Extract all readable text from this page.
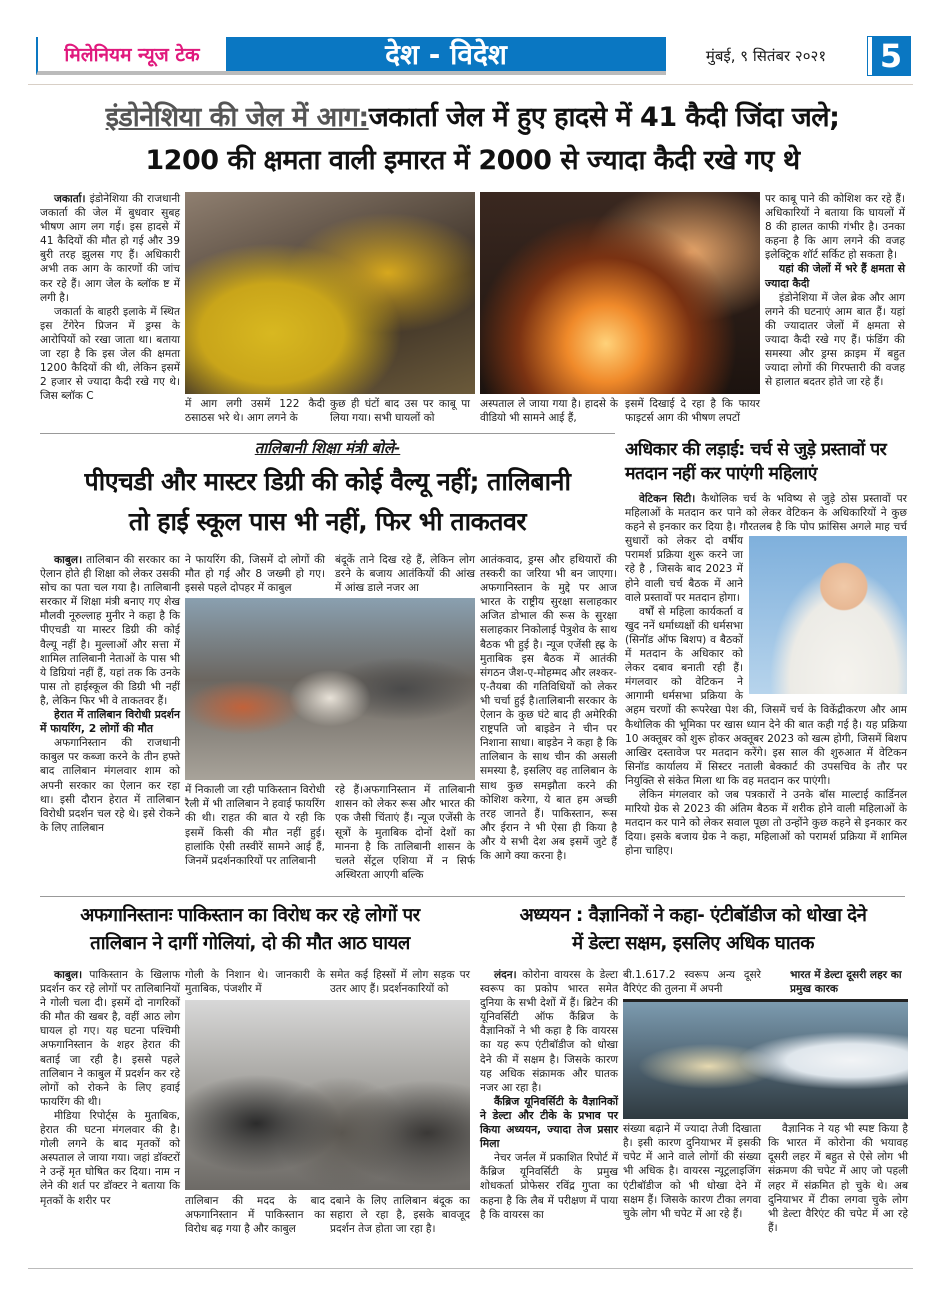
मिलेनियम न्यूज टेक	देश - विदेश	मुंबई, ९ सितंबर २०२१ 5
इंडोनेशिया की जेल में आग:जकार्ता जेल में हुए हादसे में 41 कैदी जिंदा जले;
1200 की क्षमता वाली इमारत में 2000 से ज्यादा कैदी रखे गए थे

जकार्ता। इंडोनेशिया की राजधानी जकार्ता की जेल में बुधवार सुबह भीषण आग लग गई। इस हादसे में 41 कैदियों की मौत हो गई और 39 बुरी तरह झुलस गए हैं। अधिकारी अभी तक आग के कारणों की जांच कर रहे हैं। आग जेल के ब्लॉक ष्ट में लगी है।

जकार्ता के बाहरी इलाके में स्थित इस टेंगेरेन प्रिजन में ड्रग्स के आरोपियों को रखा जाता था। बताया जा रहा है कि इस जेल की क्षमता 1200 कैदियों की थी, लेकिन इसमें 2 हजार से ज्यादा कैदी रखे गए थे। जिस ब्लॉक C

में आग लगी उसमें 122 कैदी ठसाठस भरे थे। आग लगने के
कुछ ही घंटों बाद उस पर काबू पा लिया गया। सभी घायलों को
अस्पताल ले जाया गया है। हादसे के वीडियो भी सामने आई हैं,
इसमें दिखाई दे रहा है कि फायर फाइटर्स आग की भीषण लपटों

पर काबू पाने की कोशिश कर रहे हैं। अधिकारियों ने बताया कि घायलों में 8 की हालत काफी गंभीर है। उनका कहना है कि आग लगने की वजह इलेक्ट्रिक शॉर्ट सर्किट हो सकता है।

यहां की जेलों में भरे हैं क्षमता से ज्यादा कैदी

इंडोनेशिया में जेल ब्रेक और आग लगने की घटनाएं आम बात हैं। यहां की ज्यादातर जेलों में क्षमता से ज्यादा कैदी रखे गए हैं। फंडिंग की समस्या और ड्रग्स क्राइम में बहुत ज्यादा लोगों की गिरफ्तारी की वजह से हालात बदतर होते जा रहे हैं।

तालिबानी शिक्षा मंत्री बोले-
पीएचडी और मास्टर डिग्री की कोई वैल्यू नहीं; तालिबानी
तो हाई स्कूल पास भी नहीं, फिर भी ताकतवर

काबुल। तालिबान की सरकार का ऐलान होते ही शिक्षा को लेकर उसकी सोच का पता चल गया है। तालिबानी सरकार में शिक्षा मंत्री बनाए गए शेख मौलवी नूरुल्लाह मुनीर ने कहा है कि पीएचडी या मास्टर डिग्री की कोई वैल्यू नहीं है। मुल्लाओं और सत्ता में शामिल तालिबानी नेताओं के पास भी ये डिग्रियां नहीं हैं, यहां तक कि उनके पास तो हाईस्कूल की डिग्री भी नहीं है, लेकिन फिर भी वे ताकतवर हैं।

हेरात में तालिबान विरोधी प्रदर्शन में फायरिंग, 2 लोगों की मौत

अफगानिस्तान की राजधानी काबुल पर कब्जा करने के तीन हफ्ते बाद तालिबान मंगलवार शाम को अपनी सरकार का ऐलान कर रहा था। इसी दौरान हेरात में तालिबान विरोधी प्रदर्शन चल रहे थे। इसे रोकने के लिए तालिबान

ने फायरिंग की, जिसमें दो लोगों की मौत हो गई और 8 जख्मी हो गए। इससे पहले दोपहर में काबुल
बंदूकें ताने दिख रहे हैं, लेकिन लोग डरने के बजाय आतंकियों की आंख में आंख डाले नजर आ
में निकाली जा रही पाकिस्तान विरोधी रैली में भी तालिबान ने हवाई फायरिंग की थी। राहत की बात ये रही कि इसमें किसी की मौत नहीं हुई। हालांकि ऐसी तस्वीरें सामने आई हैं, जिनमें प्रदर्शनकारियों पर तालिबानी
रहे हैं।अफगानिस्तान में तालिबानी शासन को लेकर रूस और भारत की एक जैसी चिंताएं हैं। न्यूज एजेंसी के सूत्रों के मुताबिक दोनों देशों का मानना है कि तालिबानी शासन के चलते सेंट्रल एशिया में न सिर्फ अस्थिरता आएगी बल्कि
आतंकवाद, ड्रग्स और हथियारों की तस्करी का जरिया भी बन जाएगा। अफगानिस्तान के मुद्दे पर आज भारत के राष्ट्रीय सुरक्षा सलाहकार अजित डोभाल की रूस के सुरक्षा सलाहकार निकोलाई पेत्रुशेव के साथ बैठक भी हुई है। न्यूज एजेंसी ह्ह्र के मुताबिक इस बैठक में आतंकी संगठन जैश-ए-मोहम्मद और लश्कर-ए-तैयबा की गतिविधियों को लेकर भी चर्चा हुई है।तालिबानी सरकार के ऐलान के कुछ घंटे बाद ही अमेरिकी राष्ट्रपति जो बाइडेन ने चीन पर निशाना साधा। बाइडेन ने कहा है कि तालिबान के साथ चीन की असली समस्या है, इसलिए वह तालिबान के साथ कुछ समझौता करने की कोशिश करेगा, ये बात हम अच्छी तरह जानते हैं। पाकिस्तान, रूस और ईरान ने भी ऐसा ही किया है और ये सभी देश अब इसमें जुटे हैं कि आगे क्या करना है।
अधिकार की लड़ाई: चर्च से जुड़े प्रस्तावों पर मतदान नहीं कर पाएंगी महिलाएं

वेटिकन सिटी। कैथोलिक चर्च के भविष्य से जुड़े ठोस प्रस्तावों पर महिलाओं के मतदान कर पाने को लेकर वेटिकन के अधिकारियों ने कुछ कहने से इनकार कर दिया है। गौरतलब है कि पोप फ्रांसिस अगले माह चर्च सुधारों को लेकर दो वर्षीय परामर्श प्रक्रिया शुरू करने जा रहे है , जिसके बाद 2023 में होने वाली चर्च बैठक में आने वाले प्रस्तावों पर मतदान होगा।

वर्षों से महिला कार्यकर्ता व खुद ननें धर्माध्यक्षों की धर्मसभा (सिनॉड ऑफ बिशप) व बैठकों में मतदान के अधिकार को लेकर दबाव बनाती रही हैं। मंगलवार को वेटिकन ने आगामी धर्मसभा प्रक्रिया के अहम चरणों की रूपरेखा पेश की, जिसमें चर्च के विकेंद्रीकरण और आम कैथोलिक की भूमिका पर खास ध्यान देने की बात कही गई है। यह प्रक्रिया 10 अक्तूबर को शुरू होकर अक्तूबर 2023 को खत्म होगी, जिसमें बिशप आखिर दस्तावेज पर मतदान करेंगे। इस साल की शुरुआत में वेटिकन सिनॉड कार्यालय में सिस्टर नताली बेक्कार्ट की उपसचिव के तौर पर नियुक्ति से संकेत मिला था कि वह मतदान कर पाएंगी।

लेकिन मंगलवार को जब पत्रकारों ने उनके बॉस माल्टाई कार्डिनल मारियो ग्रेक से 2023 की अंतिम बैठक में शरीक होने वाली महिलाओं के मतदान कर पाने को लेकर सवाल पूछा तो उन्होंने कुछ कहने से इनकार कर दिया। इसके बजाय ग्रेक ने कहा, महिलाओं को परामर्श प्रक्रिया में शामिल होना चाहिए।

अफगानिस्तानः पाकिस्तान का विरोध कर रहे लोगों पर
तालिबान ने दागीं गोलियां, दो की मौत आठ घायल

काबुल। पाकिस्तान के खिलाफ प्रदर्शन कर रहे लोगों पर तालिबानियों ने गोली चला दी। इसमें दो नागरिकों की मौत की खबर है, वहीं आठ लोग घायल हो गए। यह घटना पश्चिमी अफगानिस्तान के शहर हेरात की बताई जा रही है। इससे पहले तालिबान ने काबुल में प्रदर्शन कर रहे लोगों को रोकने के लिए हवाई फायरिंग की थी।

मीडिया रिपोर्ट्स के मुताबिक, हेरात की घटना मंगलवार की है। गोली लगने के बाद मृतकों को अस्पताल ले जाया गया। जहां डॉक्टरों ने उन्हें मृत घोषित कर दिया। नाम न लेने की शर्त पर डॉक्टर ने बताया कि मृतकों के शरीर पर

गोली के निशान थे। जानकारी के मुताबिक, पंजशीर में
समेत कई हिस्सों में लोग सड़क पर उतर आए हैं। प्रदर्शनकारियों को
तालिबान की मदद के बाद अफगानिस्तान में पाकिस्तान का विरोध बढ़ गया है और काबुल
दबाने के लिए तालिबान बंदूक का सहारा ले रहा है, इसके बावजूद प्रदर्शन तेज होता जा रहा है।
अध्ययन : वैज्ञानिकों ने कहा- एंटीबॉडीज को धोखा देने
में डेल्टा सक्षम, इसलिए अधिक घातक

लंदन। कोरोना वायरस के डेल्टा स्वरूप का प्रकोप भारत समेत दुनिया के सभी देशों में हैं। ब्रिटेन की यूनिवर्सिटी ऑफ कैंब्रिज के वैज्ञानिकों ने भी कहा है कि वायरस का यह रूप एंटीबॉडीज को धोखा देने की में सक्षम है। जिसके कारण यह अधिक संक्रामक और घातक नजर आ रहा है।

कैंब्रिज यूनिवर्सिटी के वैज्ञानिकों ने डेल्टा और टीके के प्रभाव पर किया अध्ययन, ज्यादा तेज प्रसार मिला

नेचर जर्नल में प्रकाशित रिपोर्ट में कैंब्रिज यूनिवर्सिटी के प्रमुख शोधकर्ता प्रोफेसर रविंद्र गुप्ता का कहना है कि लैब में परीक्षण में पाया है कि वायरस का

बी.1.617.2 स्वरूप अन्य दूसरे वैरिएंट की तुलना में अपनी
भारत में डेल्टा दूसरी लहर का प्रमुख कारक
संख्या बढ़ाने में ज्यादा तेजी दिखाता है। इसी कारण दुनियाभर में इसकी चपेट में आने वाले लोगों की संख्या भी अधिक है। वायरस न्यूट्रलाइजिंग एंटीबॉडीज को भी धोखा देने में सक्षम हैं। जिसके कारण टीका लगवा चुके लोग भी चपेट में आ रहे हैं।

वैज्ञानिक ने यह भी स्पष्ट किया है कि भारत में कोरोना की भयावह दूसरी लहर में बहुत से ऐसे लोग भी संक्रमण की चपेट में आए जो पहली लहर में संक्रमित हो चुके थे। अब दुनियाभर में टीका लगवा चुके लोग भी डेल्टा वैरिएंट की चपेट में आ रहे हैं।
